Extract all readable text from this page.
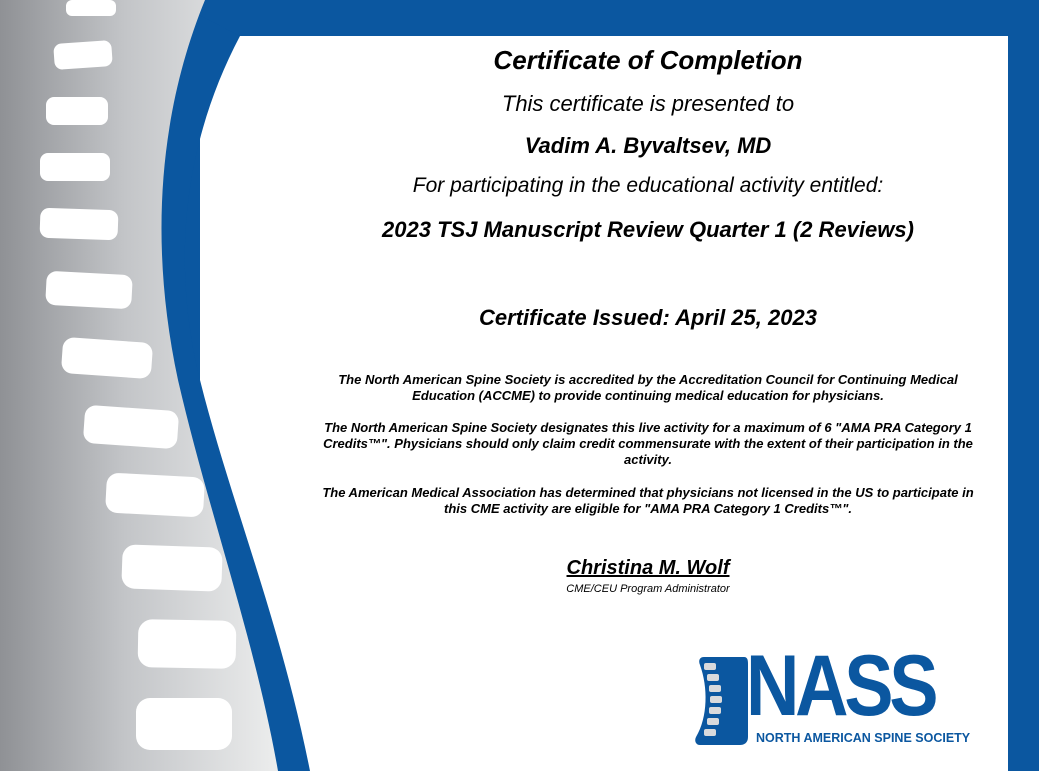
Certificate of Completion

This certificate is presented to

Vadim A. Byvaltsev, MD

For participating in the educational activity entitled:

2023 TSJ Manuscript Review Quarter 1 (2 Reviews)

Certificate Issued: April 25, 2023

The North American Spine Society is accredited by the Accreditation Council for Continuing Medical Education (ACCME) to provide continuing medical education for physicians.

The North American Spine Society designates this live activity for a maximum of 6 "AMA PRA Category 1 Credits™". Physicians should only claim credit commensurate with the extent of their participation in the activity.

The American Medical Association has determined that physicians not licensed in the US to participate in this CME activity are eligible for "AMA PRA Category 1 Credits™".

Christina M. Wolf

CME/CEU Program Administrator

NASS
NORTH AMERICAN SPINE SOCIETY
